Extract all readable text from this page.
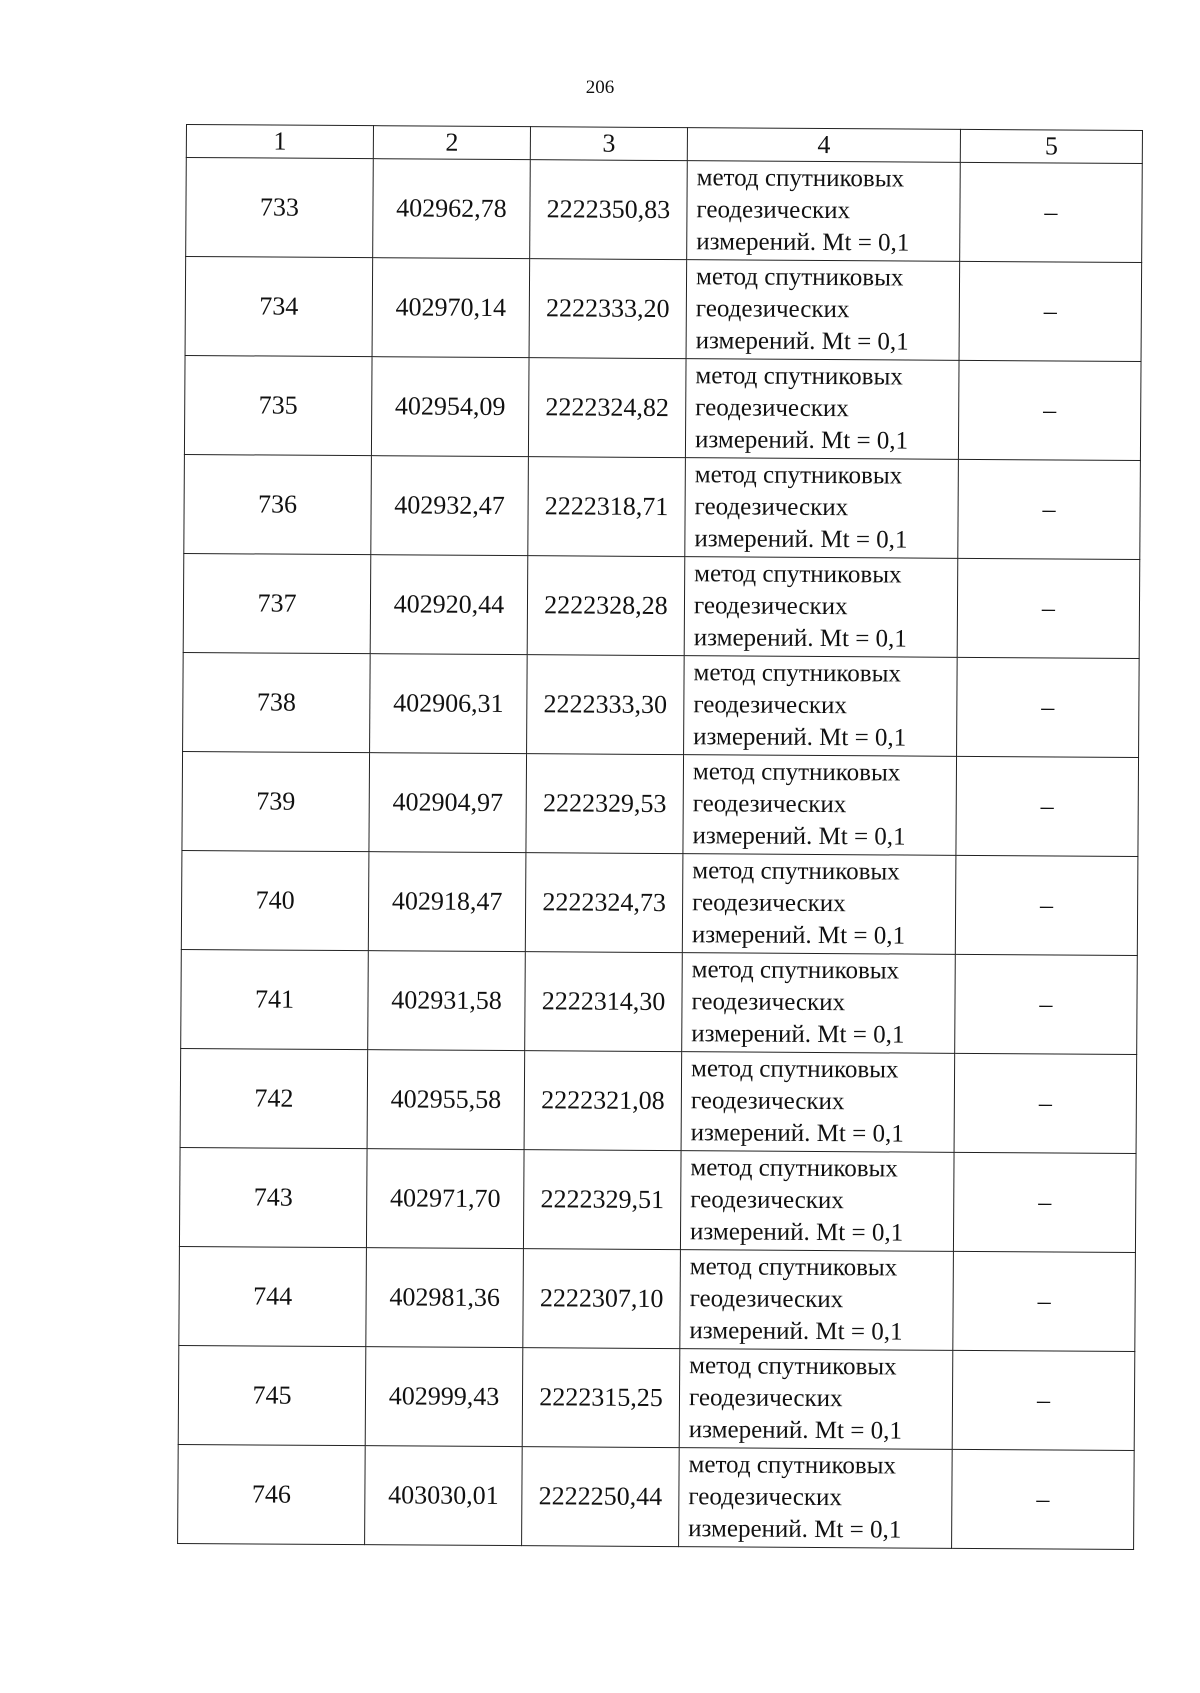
206
1	2	3	4	5
733	402962,78	2222350,83	метод спутниковых
геодезических
измерений. Mt = 0,1	–
734	402970,14	2222333,20	метод спутниковых
геодезических
измерений. Mt = 0,1	–
735	402954,09	2222324,82	метод спутниковых
геодезических
измерений. Mt = 0,1	–
736	402932,47	2222318,71	метод спутниковых
геодезических
измерений. Mt = 0,1	–
737	402920,44	2222328,28	метод спутниковых
геодезических
измерений. Mt = 0,1	–
738	402906,31	2222333,30	метод спутниковых
геодезических
измерений. Mt = 0,1	–
739	402904,97	2222329,53	метод спутниковых
геодезических
измерений. Mt = 0,1	–
740	402918,47	2222324,73	метод спутниковых
геодезических
измерений. Mt = 0,1	–
741	402931,58	2222314,30	метод спутниковых
геодезических
измерений. Mt = 0,1	–
742	402955,58	2222321,08	метод спутниковых
геодезических
измерений. Mt = 0,1	–
743	402971,70	2222329,51	метод спутниковых
геодезических
измерений. Mt = 0,1	–
744	402981,36	2222307,10	метод спутниковых
геодезических
измерений. Mt = 0,1	–
745	402999,43	2222315,25	метод спутниковых
геодезических
измерений. Mt = 0,1	–
746	403030,01	2222250,44	метод спутниковых
геодезических
измерений. Mt = 0,1	–
